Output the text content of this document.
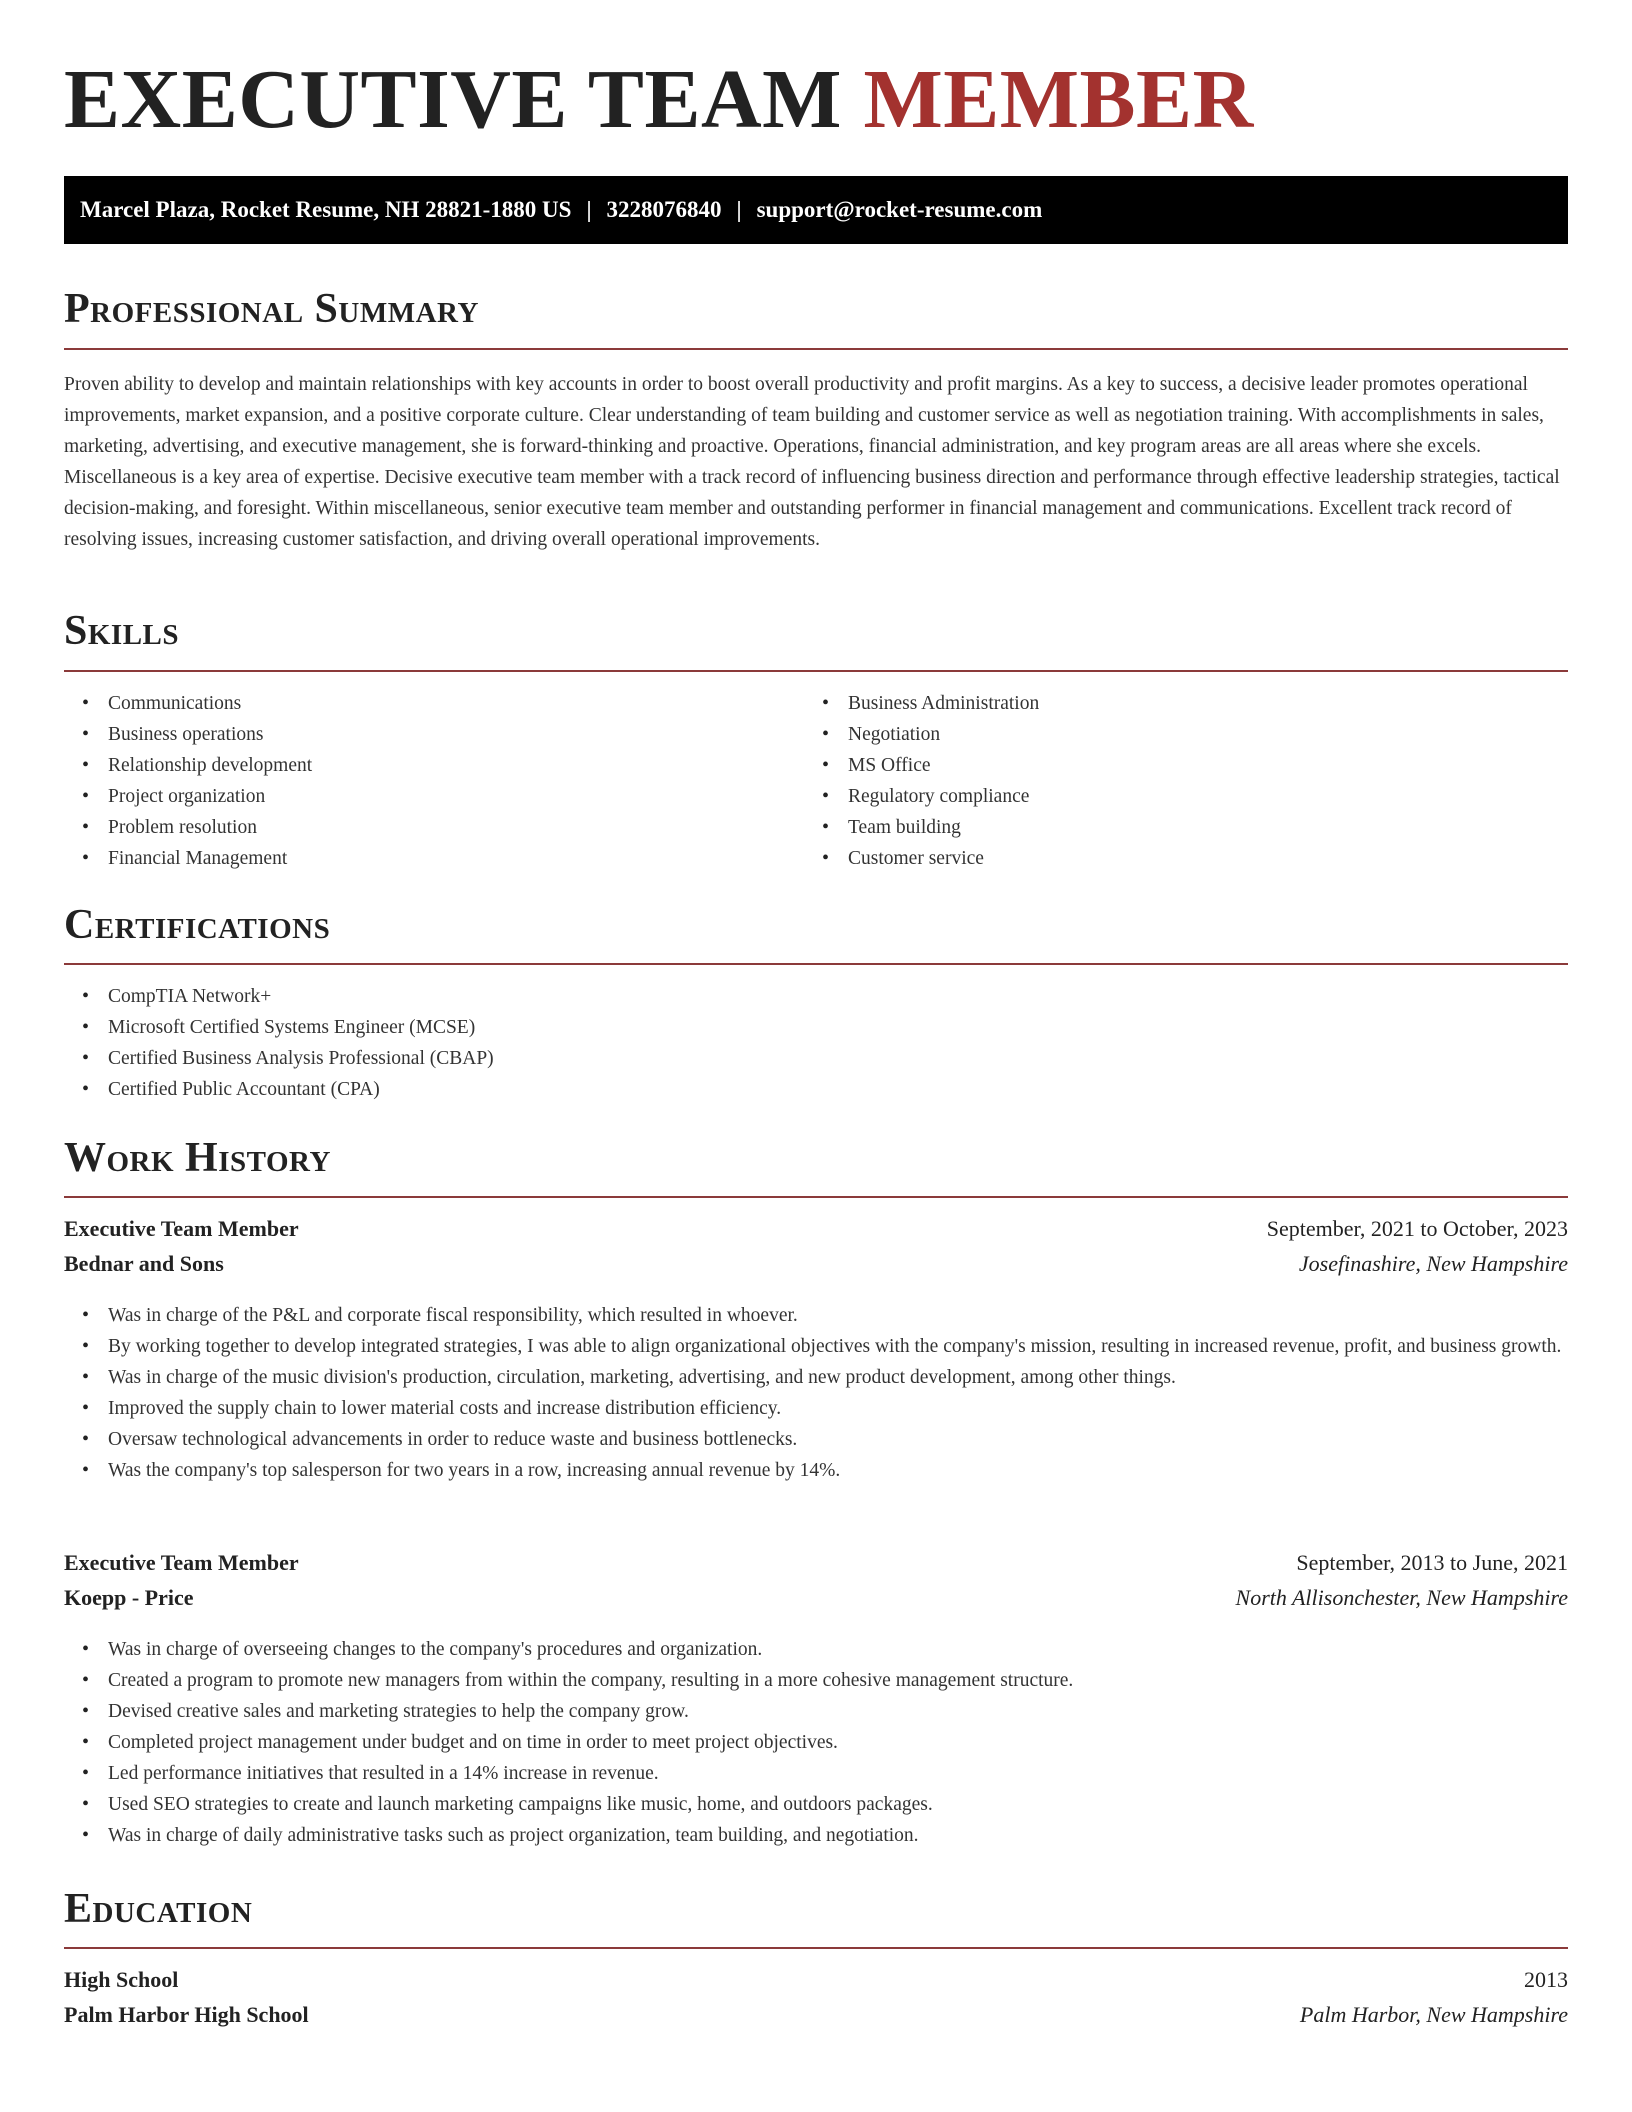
EXECUTIVE TEAM MEMBER
Marcel Plaza, Rocket Resume, NH 28821-1880 US | 3228076840 | support@rocket-resume.com
Professional Summary

Proven ability to develop and maintain relationships with key accounts in order to boost overall productivity and profit margins. As a key to success, a decisive leader promotes operational improvements, market expansion, and a positive corporate culture. Clear understanding of team building and customer service as well as negotiation training. With accomplishments in sales, marketing, advertising, and executive management, she is forward-thinking and proactive. Operations, financial administration, and key program areas are all areas where she excels. Miscellaneous is a key area of expertise. Decisive executive team member with a track record of influencing business direction and performance through effective leadership strategies, tactical decision-making, and foresight. Within miscellaneous, senior executive team member and outstanding performer in financial management and communications. Excellent track record of resolving issues, increasing customer satisfaction, and driving overall operational improvements.

Skills
• Communications
• Business operations
• Relationship development
• Project organization
• Problem resolution
• Financial Management
• Business Administration
• Negotiation
• MS Office
• Regulatory compliance
• Team building
• Customer service
Certifications
• CompTIA Network+
• Microsoft Certified Systems Engineer (MCSE)
• Certified Business Analysis Professional (CBAP)
• Certified Public Accountant (CPA)
Work History
Executive Team Member	September, 2021 to October, 2023
Bednar and Sons	Josefinashire, New Hampshire
• Was in charge of the P&L and corporate fiscal responsibility, which resulted in whoever.
• By working together to develop integrated strategies, I was able to align organizational objectives with the company's mission, resulting in increased revenue, profit, and business growth.
• Was in charge of the music division's production, circulation, marketing, advertising, and new product development, among other things.
• Improved the supply chain to lower material costs and increase distribution efficiency.
• Oversaw technological advancements in order to reduce waste and business bottlenecks.
• Was the company's top salesperson for two years in a row, increasing annual revenue by 14%.
Executive Team Member	September, 2013 to June, 2021
Koepp - Price	North Allisonchester, New Hampshire
• Was in charge of overseeing changes to the company's procedures and organization.
• Created a program to promote new managers from within the company, resulting in a more cohesive management structure.
• Devised creative sales and marketing strategies to help the company grow.
• Completed project management under budget and on time in order to meet project objectives.
• Led performance initiatives that resulted in a 14% increase in revenue.
• Used SEO strategies to create and launch marketing campaigns like music, home, and outdoors packages.
• Was in charge of daily administrative tasks such as project organization, team building, and negotiation.
Education
High School	2013
Palm Harbor High School	Palm Harbor, New Hampshire
